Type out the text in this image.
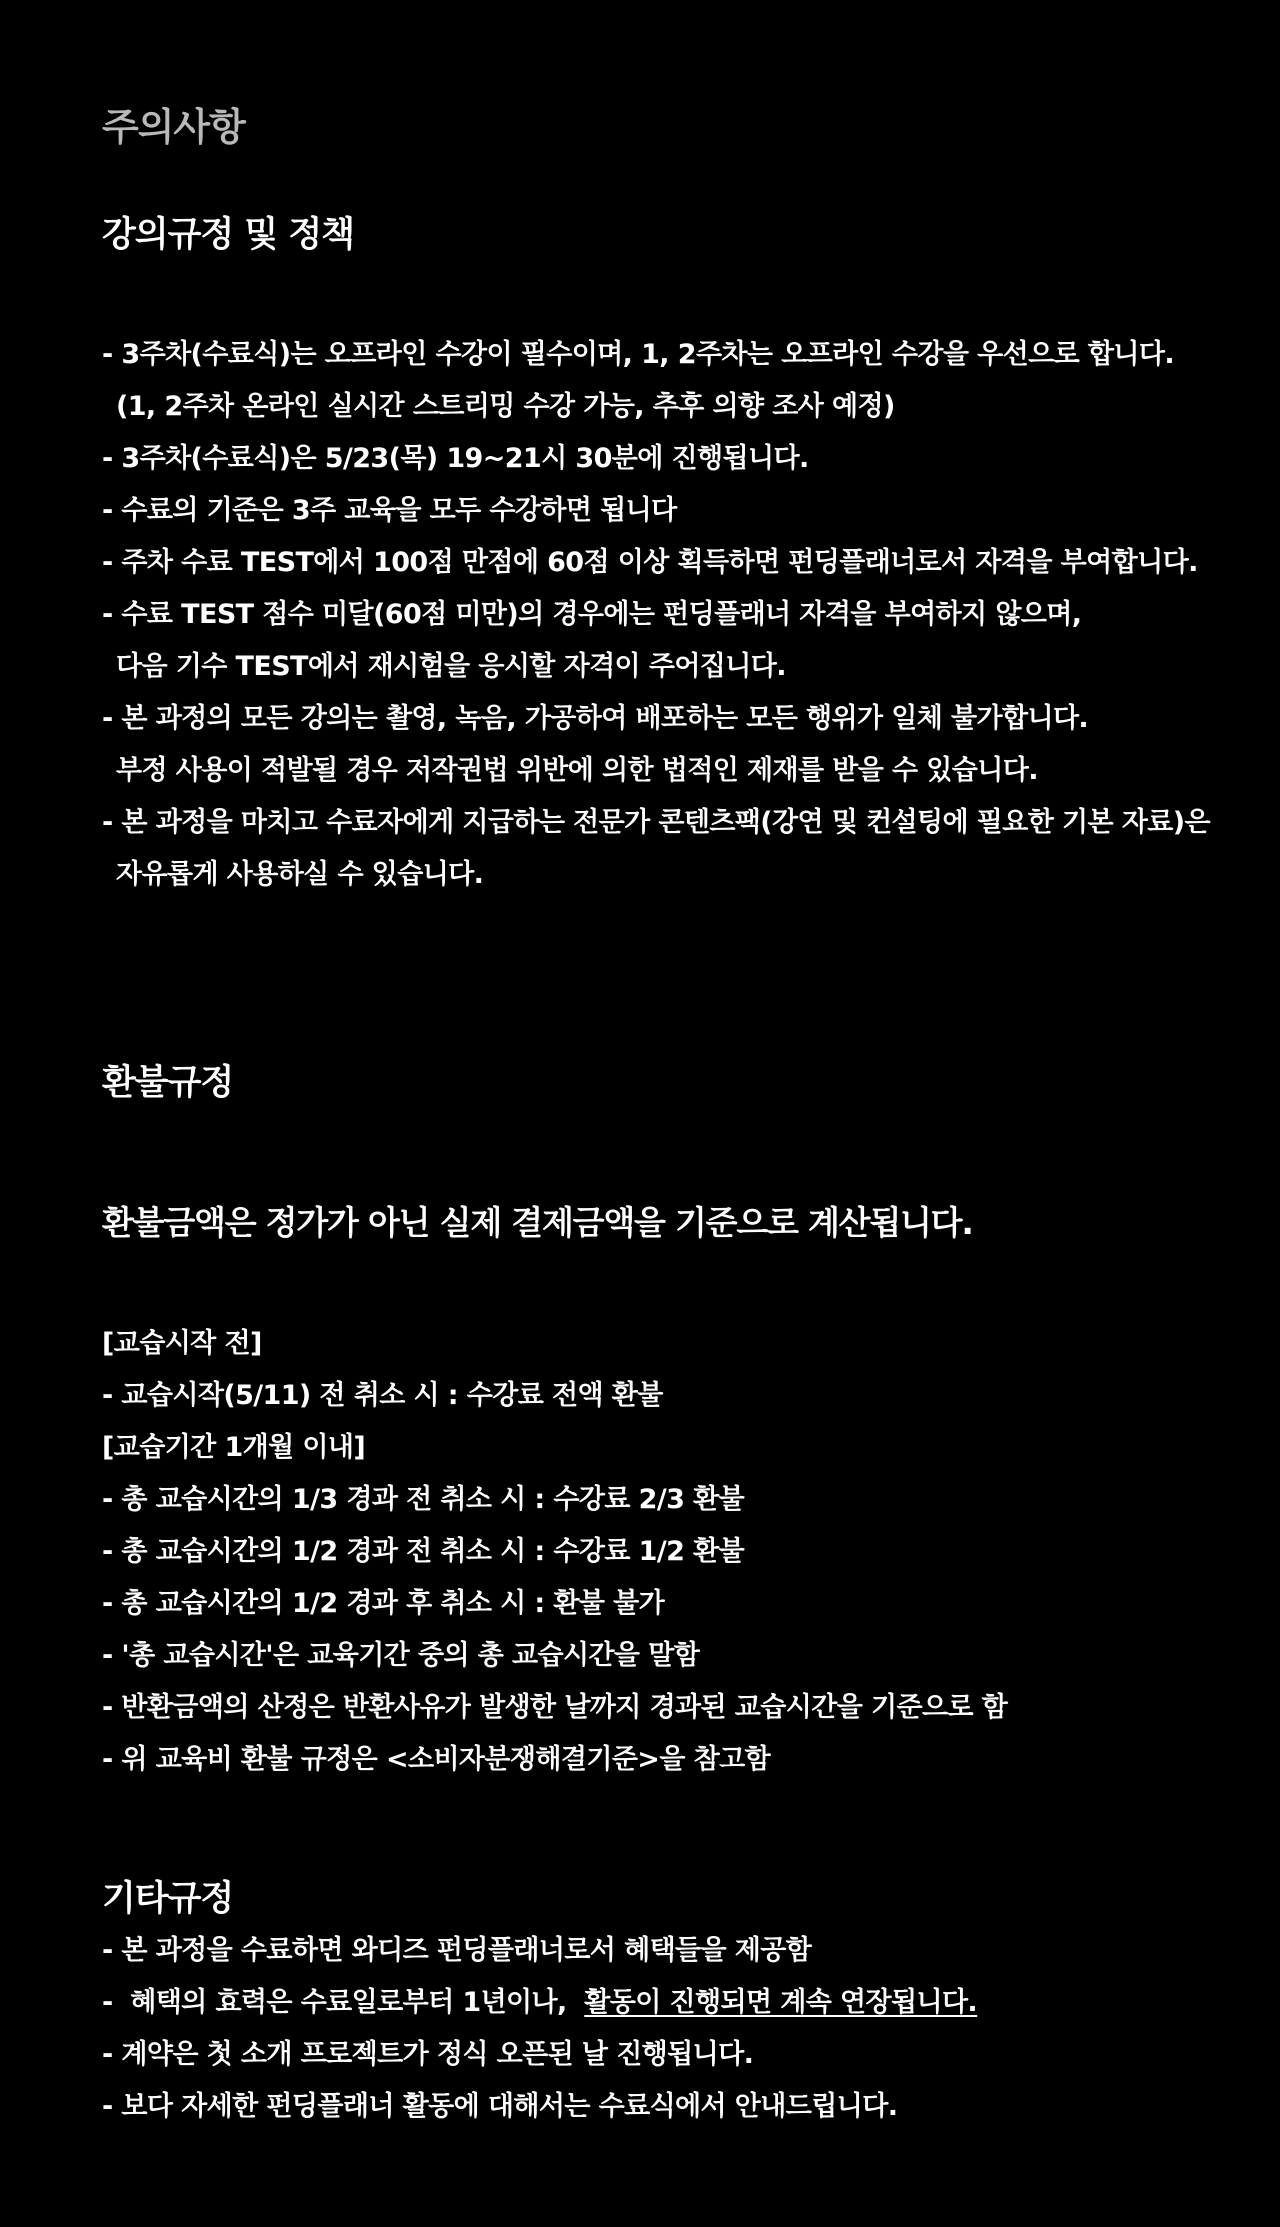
주의사항
강의규정 및 정책
- 3주차(수료식)는 오프라인 수강이 필수이며, 1, 2주차는 오프라인 수강을 우선으로 합니다.
(1, 2주차 온라인 실시간 스트리밍 수강 가능, 추후 의향 조사 예정)
- 3주차(수료식)은 5/23(목) 19~21시 30분에 진행됩니다.
- 수료의 기준은 3주 교육을 모두 수강하면 됩니다
- 주차 수료 TEST에서 100점 만점에 60점 이상 획득하면 펀딩플래너로서 자격을 부여합니다.
- 수료 TEST 점수 미달(60점 미만)의 경우에는 펀딩플래너 자격을 부여하지 않으며,
다음 기수 TEST에서 재시험을 응시할 자격이 주어집니다.
- 본 과정의 모든 강의는 촬영, 녹음, 가공하여 배포하는 모든 행위가 일체 불가합니다.
부정 사용이 적발될 경우 저작권법 위반에 의한 법적인 제재를 받을 수 있습니다.
- 본 과정을 마치고 수료자에게 지급하는 전문가 콘텐츠팩(강연 및 컨설팅에 필요한 기본 자료)은
자유롭게 사용하실 수 있습니다.
환불규정

환불금액은 정가가 아닌 실제 결제금액을 기준으로 계산됩니다.

[교습시작 전]
- 교습시작(5/11) 전 취소 시 : 수강료 전액 환불
[교습기간 1개월 이내]
- 총 교습시간의 1/3 경과 전 취소 시 : 수강료 2/3 환불
- 총 교습시간의 1/2 경과 전 취소 시 : 수강료 1/2 환불
- 총 교습시간의 1/2 경과 후 취소 시 : 환불 불가
- '총 교습시간'은 교육기간 중의 총 교습시간을 말함
- 반환금액의 산정은 반환사유가 발생한 날까지 경과된 교습시간을 기준으로 함
- 위 교육비 환불 규정은 <소비자분쟁해결기준>을 참고함
기타규정
- 본 과정을 수료하면 와디즈 펀딩플래너로서 혜택들을 제공함
-  혜택의 효력은 수료일로부터 1년이나,  활동이 진행되면 계속 연장됩니다.
- 계약은 첫 소개 프로젝트가 정식 오픈된 날 진행됩니다.
- 보다 자세한 펀딩플래너 활동에 대해서는 수료식에서 안내드립니다.
